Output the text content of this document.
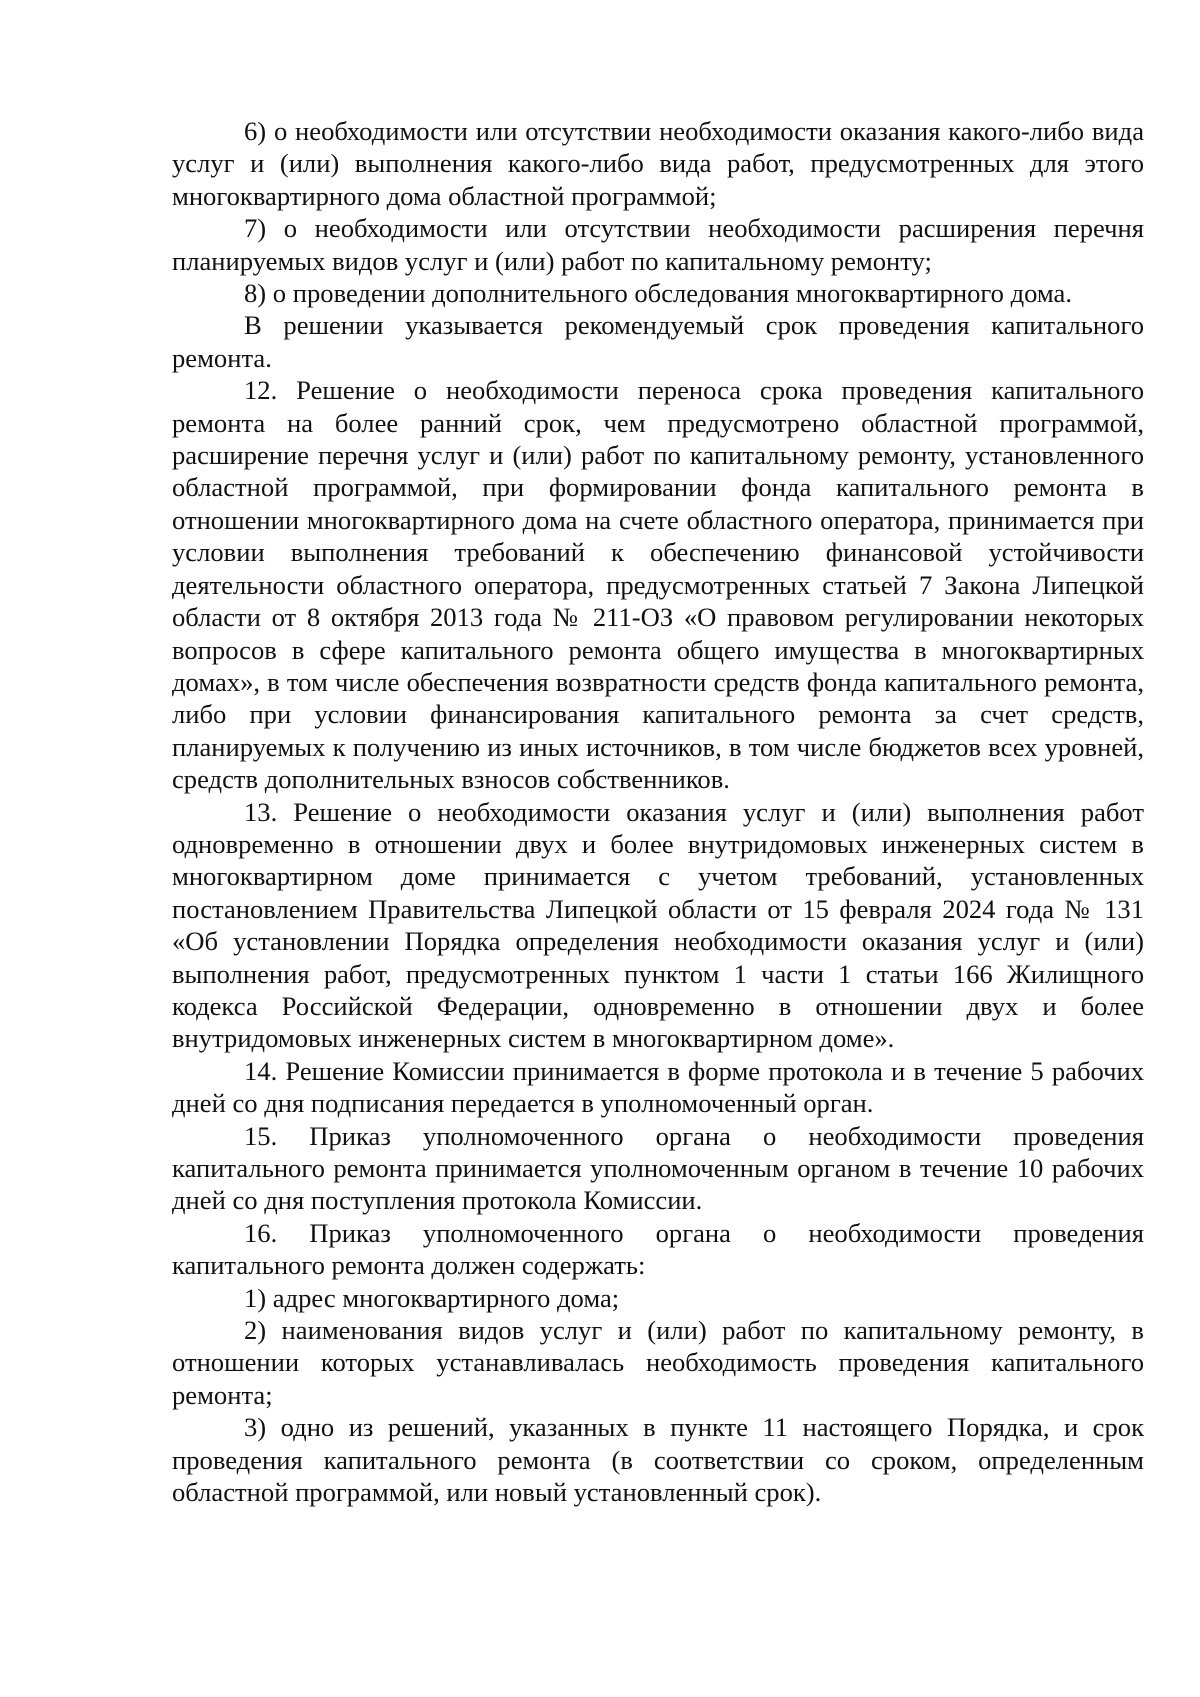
6) о необходимости или отсутствии необходимости оказания какого-либо вида услуг и (или) выполнения какого-либо вида работ, предусмотренных для этого многоквартирного дома областной программой;

7) о необходимости или отсутствии необходимости расширения перечня планируемых видов услуг и (или) работ по капитальному ремонту;

8) о проведении дополнительного обследования многоквартирного дома.

В решении указывается рекомендуемый срок проведения капитального ремонта.

12. Решение о необходимости переноса срока проведения капитального ремонта на более ранний срок, чем предусмотрено областной программой, расширение перечня услуг и (или) работ по капитальному ремонту, установленного областной программой, при формировании фонда капитального ремонта в отношении многоквартирного дома на счете областного оператора, принимается при условии выполнения требований к обеспечению финансовой устойчивости деятельности областного оператора, предусмотренных статьей 7 Закона Липецкой области от 8 октября 2013 года № 211-ОЗ «О правовом регулировании некоторых вопросов в сфере капитального ремонта общего имущества в многоквартирных домах», в том числе обеспечения возвратности средств фонда капитального ремонта, либо при условии финансирования капитального ремонта за счет средств, планируемых к получению из иных источников, в том числе бюджетов всех уровней, средств дополнительных взносов собственников.

13. Решение о необходимости оказания услуг и (или) выполнения работ одновременно в отношении двух и более внутридомовых инженерных систем в многоквартирном доме принимается с учетом требований, установленных постановлением Правительства Липецкой области от 15 февраля 2024 года № 131 «Об установлении Порядка определения необходимости оказания услуг и (или) выполнения работ, предусмотренных пунктом 1 части 1 статьи 166 Жилищного кодекса Российской Федерации, одновременно в отношении двух и более внутридомовых инженерных систем в многоквартирном доме».

14. Решение Комиссии принимается в форме протокола и в течение 5 рабочих дней со дня подписания передается в уполномоченный орган.

15. Приказ уполномоченного органа о необходимости проведения капитального ремонта принимается уполномоченным органом в течение 10 рабочих дней со дня поступления протокола Комиссии.

16. Приказ уполномоченного органа о необходимости проведения капитального ремонта должен содержать:

1) адрес многоквартирного дома;

2) наименования видов услуг и (или) работ по капитальному ремонту, в отношении которых устанавливалась необходимость проведения капитального ремонта;

3) одно из решений, указанных в пункте 11 настоящего Порядка, и срок проведения капитального ремонта (в соответствии со сроком, определенным областной программой, или новый установленный срок).
